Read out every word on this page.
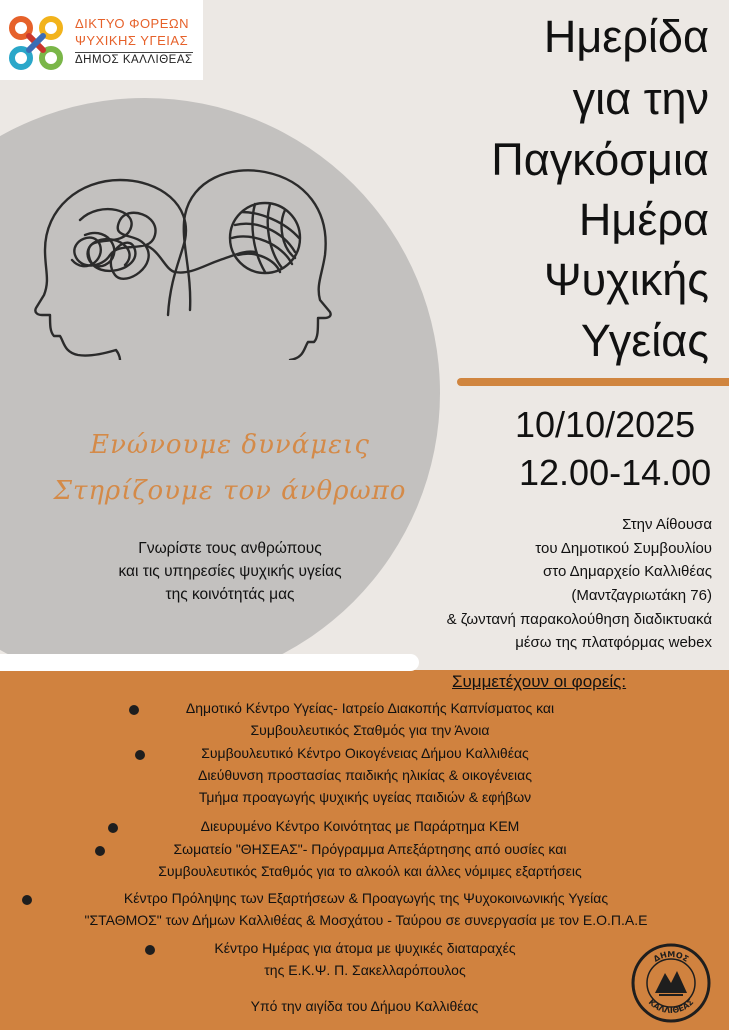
ΔΙΚΤΥΟ ΦΟΡΕΩΝ
ΨΥΧΙΚΗΣ ΥΓΕΙΑΣ
ΔΗΜΟΣ ΚΑΛΛΙΘΕΑΣ	Ημερίδα
για την
Παγκόσμια
Ημέρα
Ψυχικής
Υγείας
10/10/2025
12.00-14.00
Στην Αίθουσα
του Δημοτικού Συμβουλίου
στο Δημαρχείο Καλλιθέας
(Μαντζαγριωτάκη 76)
& ζωντανή παρακολούθηση διαδικτυακά
μέσω της πλατφόρμας webex
Ενώνουμε δυνάμεις
Στηρίζουμε τον άνθρωπο
Γνωρίστε τους ανθρώπους
και τις υπηρεσίες ψυχικής υγείας
της κοινότητάς μας
Συμμετέχουν οι φορείς:
Δημοτικό Κέντρο Υγείας- Ιατρείο Διακοπής Καπνίσματος και
Συμβουλευτικός Σταθμός για την Άνοια
Συμβουλευτικό Κέντρο Οικογένειας Δήμου Καλλιθέας
Διεύθυνση προστασίας παιδικής ηλικίας & οικογένειας
Τμήμα προαγωγής ψυχικής υγείας παιδιών & εφήβων
Διευρυμένο Κέντρο Κοινότητας με Παράρτημα ΚΕΜ
Σωματείο "ΘΗΣΕΑΣ"- Πρόγραμμα Απεξάρτησης από ουσίες και
Συμβουλευτικός Σταθμός για το αλκοόλ και άλλες νόμιμες εξαρτήσεις
Κέντρο Πρόληψης των Εξαρτήσεων & Προαγωγής της Ψυχοκοινωνικής Υγείας
"ΣΤΑΘΜΟΣ" των Δήμων Καλλιθέας & Μοσχάτου - Ταύρου σε συνεργασία με τον Ε.Ο.Π.Α.Ε
Κέντρο Ημέρας για άτομα με ψυχικές διαταραχές
της Ε.Κ.Ψ. Π. Σακελλαρόπουλος
Υπό την αιγίδα του Δήμου Καλλιθέας
ΔΗΜΟΣ
ΚΑΛΛΙΘΕΑΣ
